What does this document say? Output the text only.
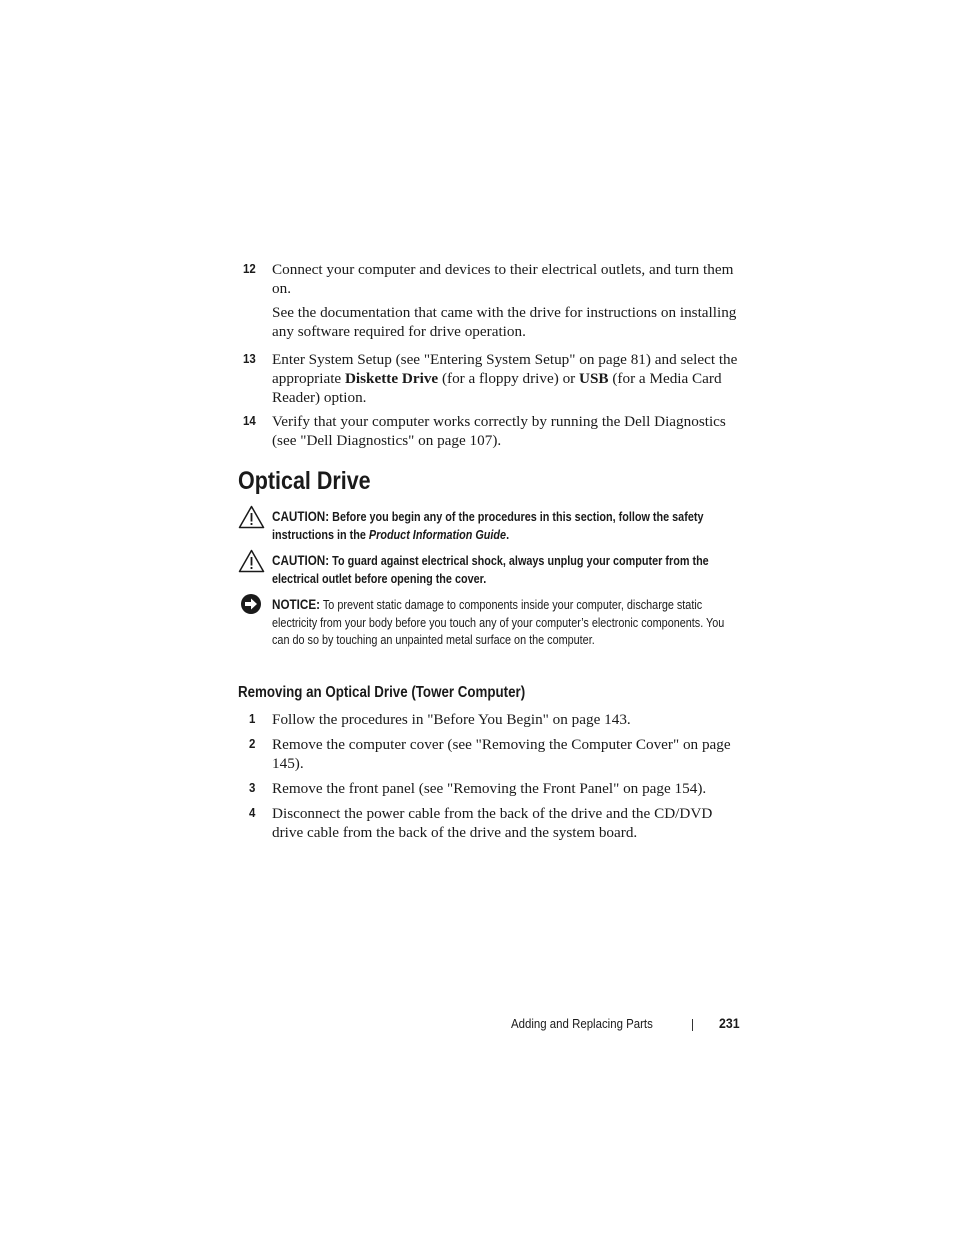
12 Connect your computer and devices to their electrical outlets, and turn them on.
See the documentation that came with the drive for instructions on installing any software required for drive operation.
13 Enter System Setup (see "Entering System Setup" on page 81) and select the appropriate Diskette Drive (for a floppy drive) or USB (for a Media Card Reader) option.
14 Verify that your computer works correctly by running the Dell Diagnostics (see "Dell Diagnostics" on page 107).
Optical Drive
CAUTION: Before you begin any of the procedures in this section, follow the safety instructions in the Product Information Guide.
CAUTION: To guard against electrical shock, always unplug your computer from the electrical outlet before opening the cover.
NOTICE: To prevent static damage to components inside your computer, discharge static electricity from your body before you touch any of your computer’s electronic components. You can do so by touching an unpainted metal surface on the computer.
Removing an Optical Drive (Tower Computer)
1 Follow the procedures in "Before You Begin" on page 143.
2 Remove the computer cover (see "Removing the Computer Cover" on page 145).
3 Remove the front panel (see "Removing the Front Panel" on page 154).
4 Disconnect the power cable from the back of the drive and the CD/DVD drive cable from the back of the drive and the system board.
Adding and Replacing Parts	231
